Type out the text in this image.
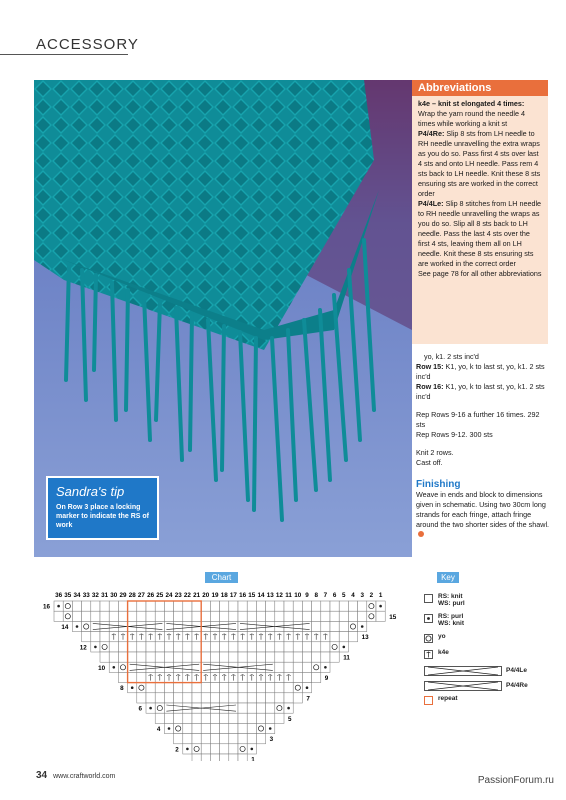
ACCESSORY
Sandra's tip
On Row 3 place a locking marker to indicate the RS of work
Abbreviations

k4e – knit st elongated 4 times: Wrap the yarn round the needle 4 times while working a knit st

P4/4Re: Slip 8 sts from LH needle to RH needle unravelling the extra wraps as you do so. Pass first 4 sts over last 4 sts and onto LH needle. Pass rem 4 sts back to LH needle. Knit these 8 sts ensuring sts are worked in the correct order

P4/4Le: Slip 8 stitches from LH needle to RH needle unravelling the wraps as you do so. Slip all 8 sts back to LH needle. Pass the last 4 sts over the first 4 sts, leaving them all on LH needle. Knit these 8 sts ensuring sts are worked in the correct order

See page 78 for all other abbreviations

yo, k1. 2 sts inc'd

Row 15: K1, yo, k to last st, yo, k1. 2 sts inc'd

Row 16: K1, yo, k to last st, yo, k1. 2 sts inc'd

Rep Rows 9-16 a further 16 times. 292 sts

Rep Rows 9-12. 300 sts

Knit 2 rows.

Cast off.

Finishing

Weave in ends and block to dimensions given in schematic. Using two 30cm long strands for each fringe, attach fringe around the two shorter sides of the shawl.

Chart	Key
36 35 34 33 32 31 30 29 28 27 26 25 24 23 22 21 20 19 18 17 16 15 14 13 12 11 10 9 8 7 6 5 4 3 2 1
16
15
14
13
12
11
10
9
8
7
6
5
4
3
2
1
RS: knit
WS: purl
RS: purl
WS: knit
yo
k4e
P4/4Le
P4/4Re
repeat
34 www.craftworld.com	PassionForum.ru
